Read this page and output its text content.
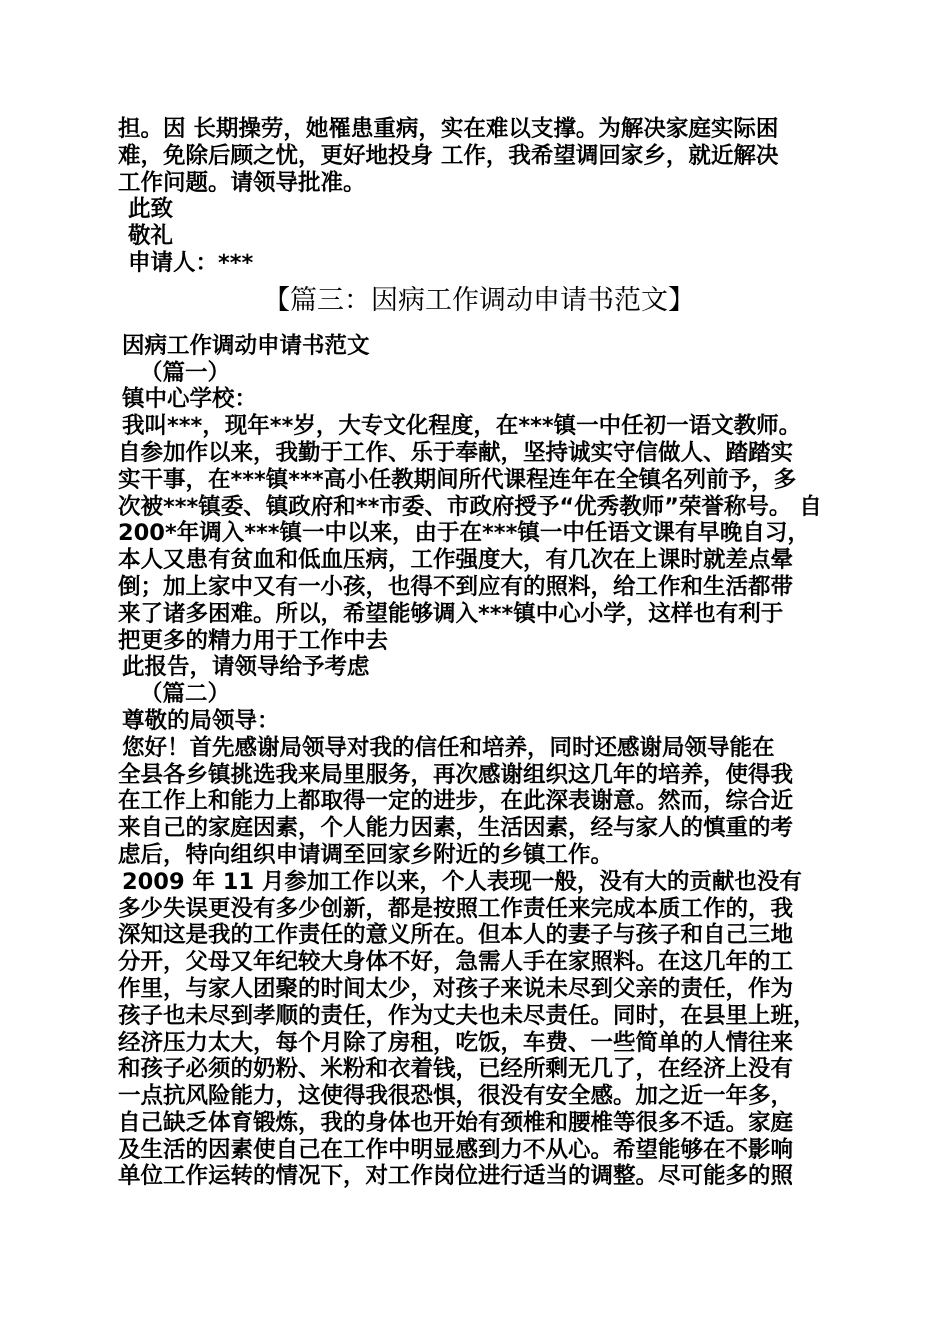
担。因 长期操劳，她罹患重病，实在难以支撑。为解决家庭实际困
难，免除后顾之忧，更好地投身 工作，我希望调回家乡，就近解决
工作问题。请领导批准。
此致
敬礼
申请人：***
【篇三：因病工作调动申请书范文】
因病工作调动申请书范文
（篇一）
镇中心学校：
我叫***，现年**岁，大专文化程度，在***镇一中任初一语文教师。
自参加作以来，我勤于工作、乐于奉献，坚持诚实守信做人、踏踏实
实干事，在***镇***高小任教期间所代课程连年在全镇名列前予，多
次被***镇委、镇政府和**市委、市政府授予“优秀教师”荣誉称号。 自
200*年调入***镇一中以来，由于在***镇一中任语文课有早晚自习，
本人又患有贫血和低血压病，工作强度大，有几次在上课时就差点晕
倒；加上家中又有一小孩，也得不到应有的照料，给工作和生活都带
来了诸多困难。所以，希望能够调入***镇中心小学，这样也有利于
把更多的精力用于工作中去
此报告，请领导给予考虑
（篇二）
尊敬的局领导：
您好！首先感谢局领导对我的信任和培养，同时还感谢局领导能在
全县各乡镇挑选我来局里服务，再次感谢组织这几年的培养，使得我
在工作上和能力上都取得一定的进步，在此深表谢意。然而，综合近
来自己的家庭因素，个人能力因素，生活因素，经与家人的慎重的考
虑后，特向组织申请调至回家乡附近的乡镇工作。
2009 年 11 月参加工作以来，个人表现一般，没有大的贡献也没有
多少失误更没有多少创新，都是按照工作责任来完成本质工作的，我
深知这是我的工作责任的意义所在。但本人的妻子与孩子和自己三地
分开，父母又年纪较大身体不好，急需人手在家照料。在这几年的工
作里，与家人团聚的时间太少，对孩子来说未尽到父亲的责任，作为
孩子也未尽到孝顺的责任，作为丈夫也未尽责任。同时，在县里上班，
经济压力太大，每个月除了房租，吃饭，车费、一些简单的人情往来
和孩子必须的奶粉、米粉和衣着钱，已经所剩无几了，在经济上没有
一点抗风险能力，这使得我很恐惧，很没有安全感。加之近一年多，
自己缺乏体育锻炼，我的身体也开始有颈椎和腰椎等很多不适。家庭
及生活的因素使自己在工作中明显感到力不从心。希望能够在不影响
单位工作运转的情况下，对工作岗位进行适当的调整。尽可能多的照
